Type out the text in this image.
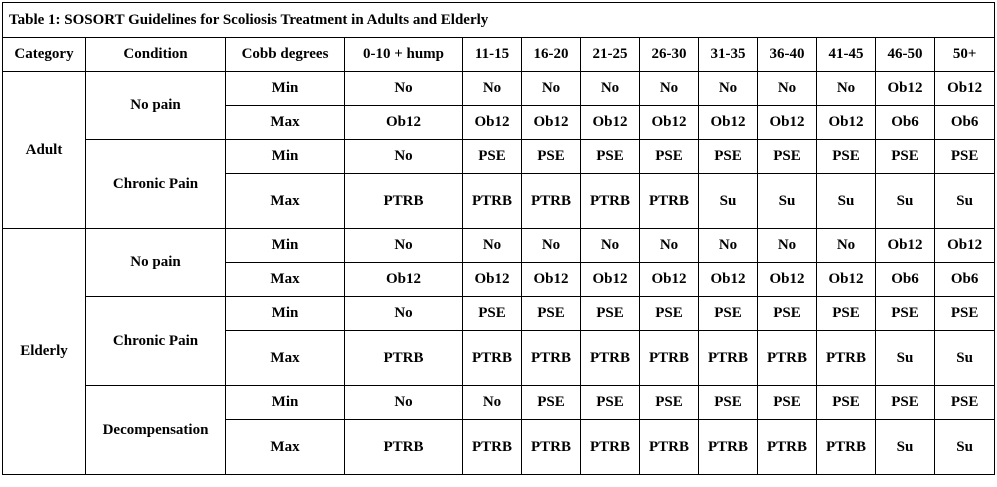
Table 1: SOSORT Guidelines for Scoliosis Treatment in Adults and Elderly												
Category	Condition	Cobb degrees	0-10 + hump	11-15	16-20	21-25	26-30	31-35	36-40	41-45	46-50	50+
Adult	No pain	Min	No	No	No	No	No	No	No	No	Ob12	Ob12
		Max	Ob12	Ob12	Ob12	Ob12	Ob12	Ob12	Ob12	Ob12	Ob6	Ob6
	Chronic Pain	Min	No	PSE	PSE	PSE	PSE	PSE	PSE	PSE	PSE	PSE
		Max	PTRB	PTRB	PTRB	PTRB	PTRB	Su	Su	Su	Su	Su
Elderly	No pain	Min	No	No	No	No	No	No	No	No	Ob12	Ob12
		Max	Ob12	Ob12	Ob12	Ob12	Ob12	Ob12	Ob12	Ob12	Ob6	Ob6
	Chronic Pain	Min	No	PSE	PSE	PSE	PSE	PSE	PSE	PSE	PSE	PSE
		Max	PTRB	PTRB	PTRB	PTRB	PTRB	PTRB	PTRB	PTRB	Su	Su
	Decompensation	Min	No	No	PSE	PSE	PSE	PSE	PSE	PSE	PSE	PSE
		Max	PTRB	PTRB	PTRB	PTRB	PTRB	PTRB	PTRB	PTRB	Su	Su
